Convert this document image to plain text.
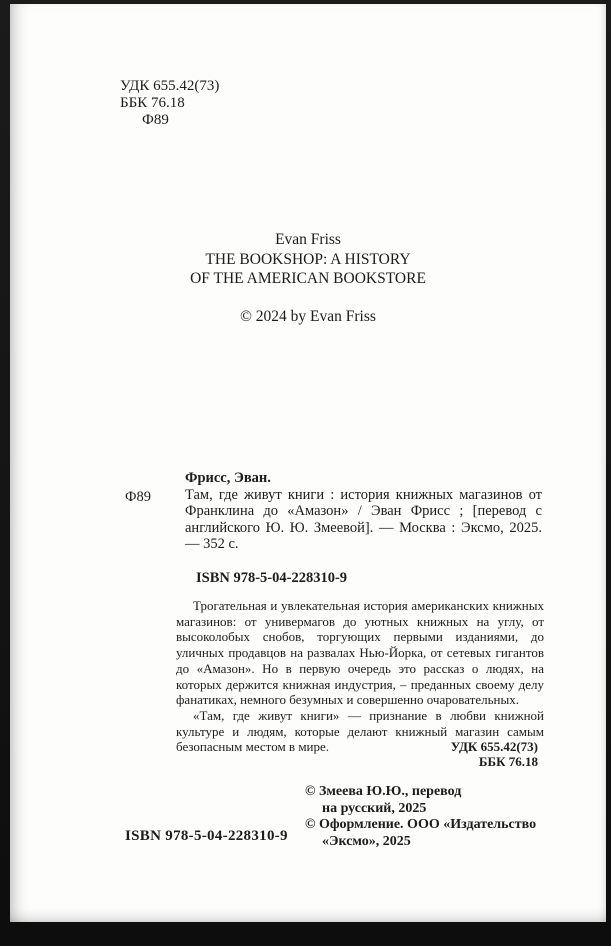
УДК 655.42(73)
ББК 76.18
Ф89
Evan Friss
THE BOOKSHOP: A HISTORY
OF THE AMERICAN BOOKSTORE
© 2024 by Evan Friss
Ф89
Фрисс, Эван.
Там, где живут книги : история книжных магазинов от Франклина до «Амазон» / Эван Фрисс ; [перевод с английского Ю. Ю. Змеевой]. — Москва : Эксмо, 2025. — 352 с.
ISBN 978-5-04-228310-9

Трогательная и увлекательная история американских книжных магазинов: от универмагов до уютных книжных на углу, от высоколобых снобов, торгующих первыми изданиями, до уличных продавцов на развалах Нью-Йорка, от сетевых гигантов до «Амазон». Но в первую очередь это рассказ о людях, на которых держится книжная индустрия, – преданных своему делу фанатиках, немного безумных и совершенно очаровательных.

«Там, где живут книги» — признание в любви книжной культуре и людям, которые делают книжный магазин самым безопасным местом в мире.	УДК 655.42(73)
ББК 76.18
© Змеева Ю.Ю., перевод
на русский, 2025
© Оформление. ООО «Издательство
«Эксмо», 2025
ISBN 978-5-04-228310-9
